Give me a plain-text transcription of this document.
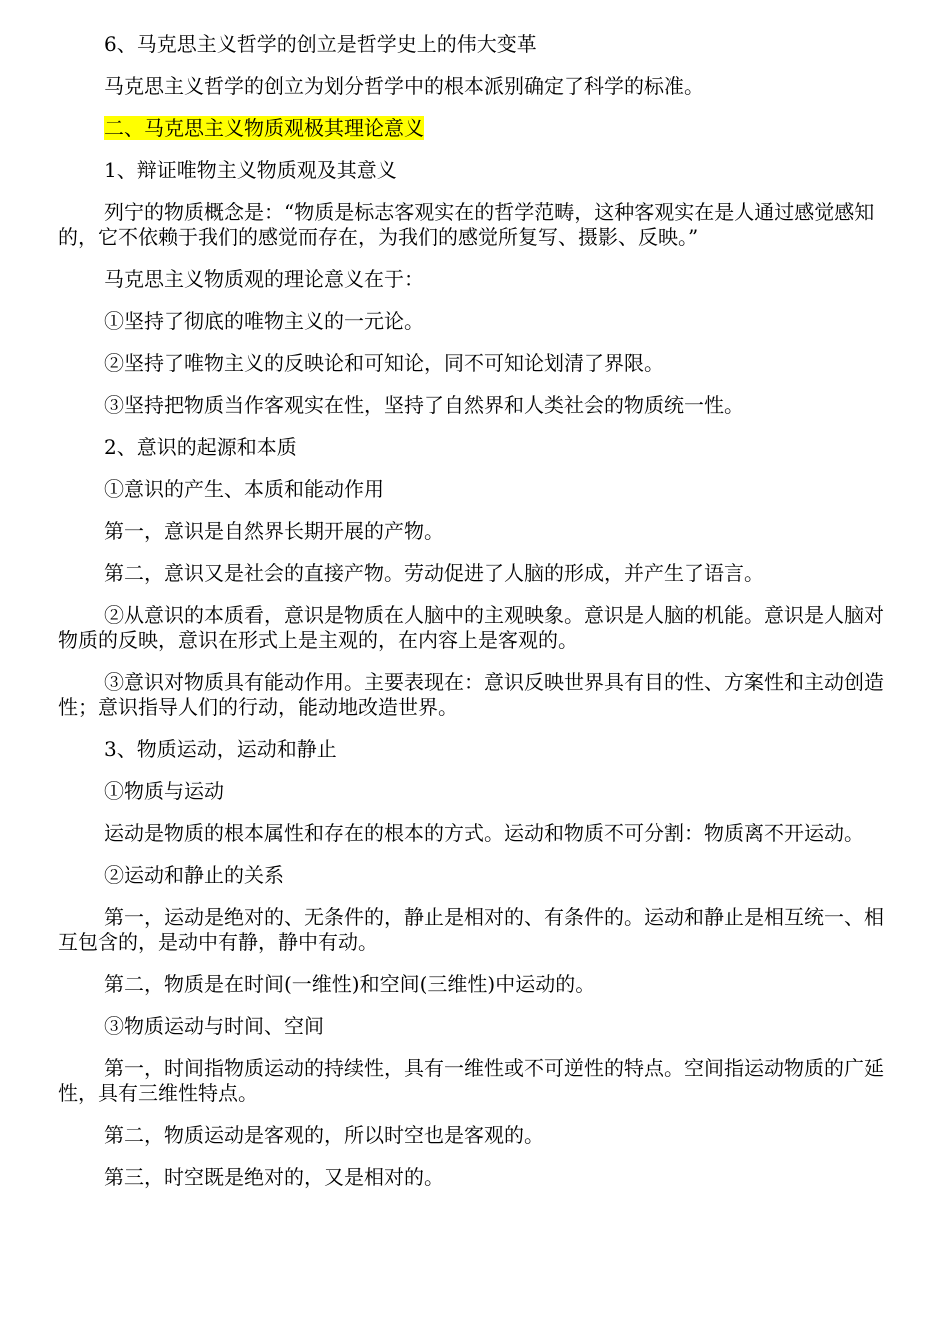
6、马克思主义哲学的创立是哲学史上的伟大变革

马克思主义哲学的创立为划分哲学中的根本派别确定了科学的标准。

二、马克思主义物质观极其理论意义

1、辩证唯物主义物质观及其意义

列宁的物质概念是：“物质是标志客观实在的哲学范畴，这种客观实在是人通过感觉感知的，它不依赖于我们的感觉而存在，为我们的感觉所复写、摄影、反映。”

马克思主义物质观的理论意义在于：

①坚持了彻底的唯物主义的一元论。

②坚持了唯物主义的反映论和可知论，同不可知论划清了界限。

③坚持把物质当作客观实在性，坚持了自然界和人类社会的物质统一性。

2、意识的起源和本质

①意识的产生、本质和能动作用

第一，意识是自然界长期开展的产物。

第二，意识又是社会的直接产物。劳动促进了人脑的形成，并产生了语言。

②从意识的本质看，意识是物质在人脑中的主观映象。意识是人脑的机能。意识是人脑对物质的反映，意识在形式上是主观的，在内容上是客观的。

③意识对物质具有能动作用。主要表现在：意识反映世界具有目的性、方案性和主动创造性；意识指导人们的行动，能动地改造世界。

3、物质运动，运动和静止

①物质与运动

运动是物质的根本属性和存在的根本的方式。运动和物质不可分割：物质离不开运动。

②运动和静止的关系

第一，运动是绝对的、无条件的，静止是相对的、有条件的。运动和静止是相互统一、相互包含的，是动中有静，静中有动。

第二，物质是在时间(一维性)和空间(三维性)中运动的。

③物质运动与时间、空间

第一，时间指物质运动的持续性，具有一维性或不可逆性的特点。空间指运动物质的广延性，具有三维性特点。

第二，物质运动是客观的，所以时空也是客观的。

第三，时空既是绝对的，又是相对的。
